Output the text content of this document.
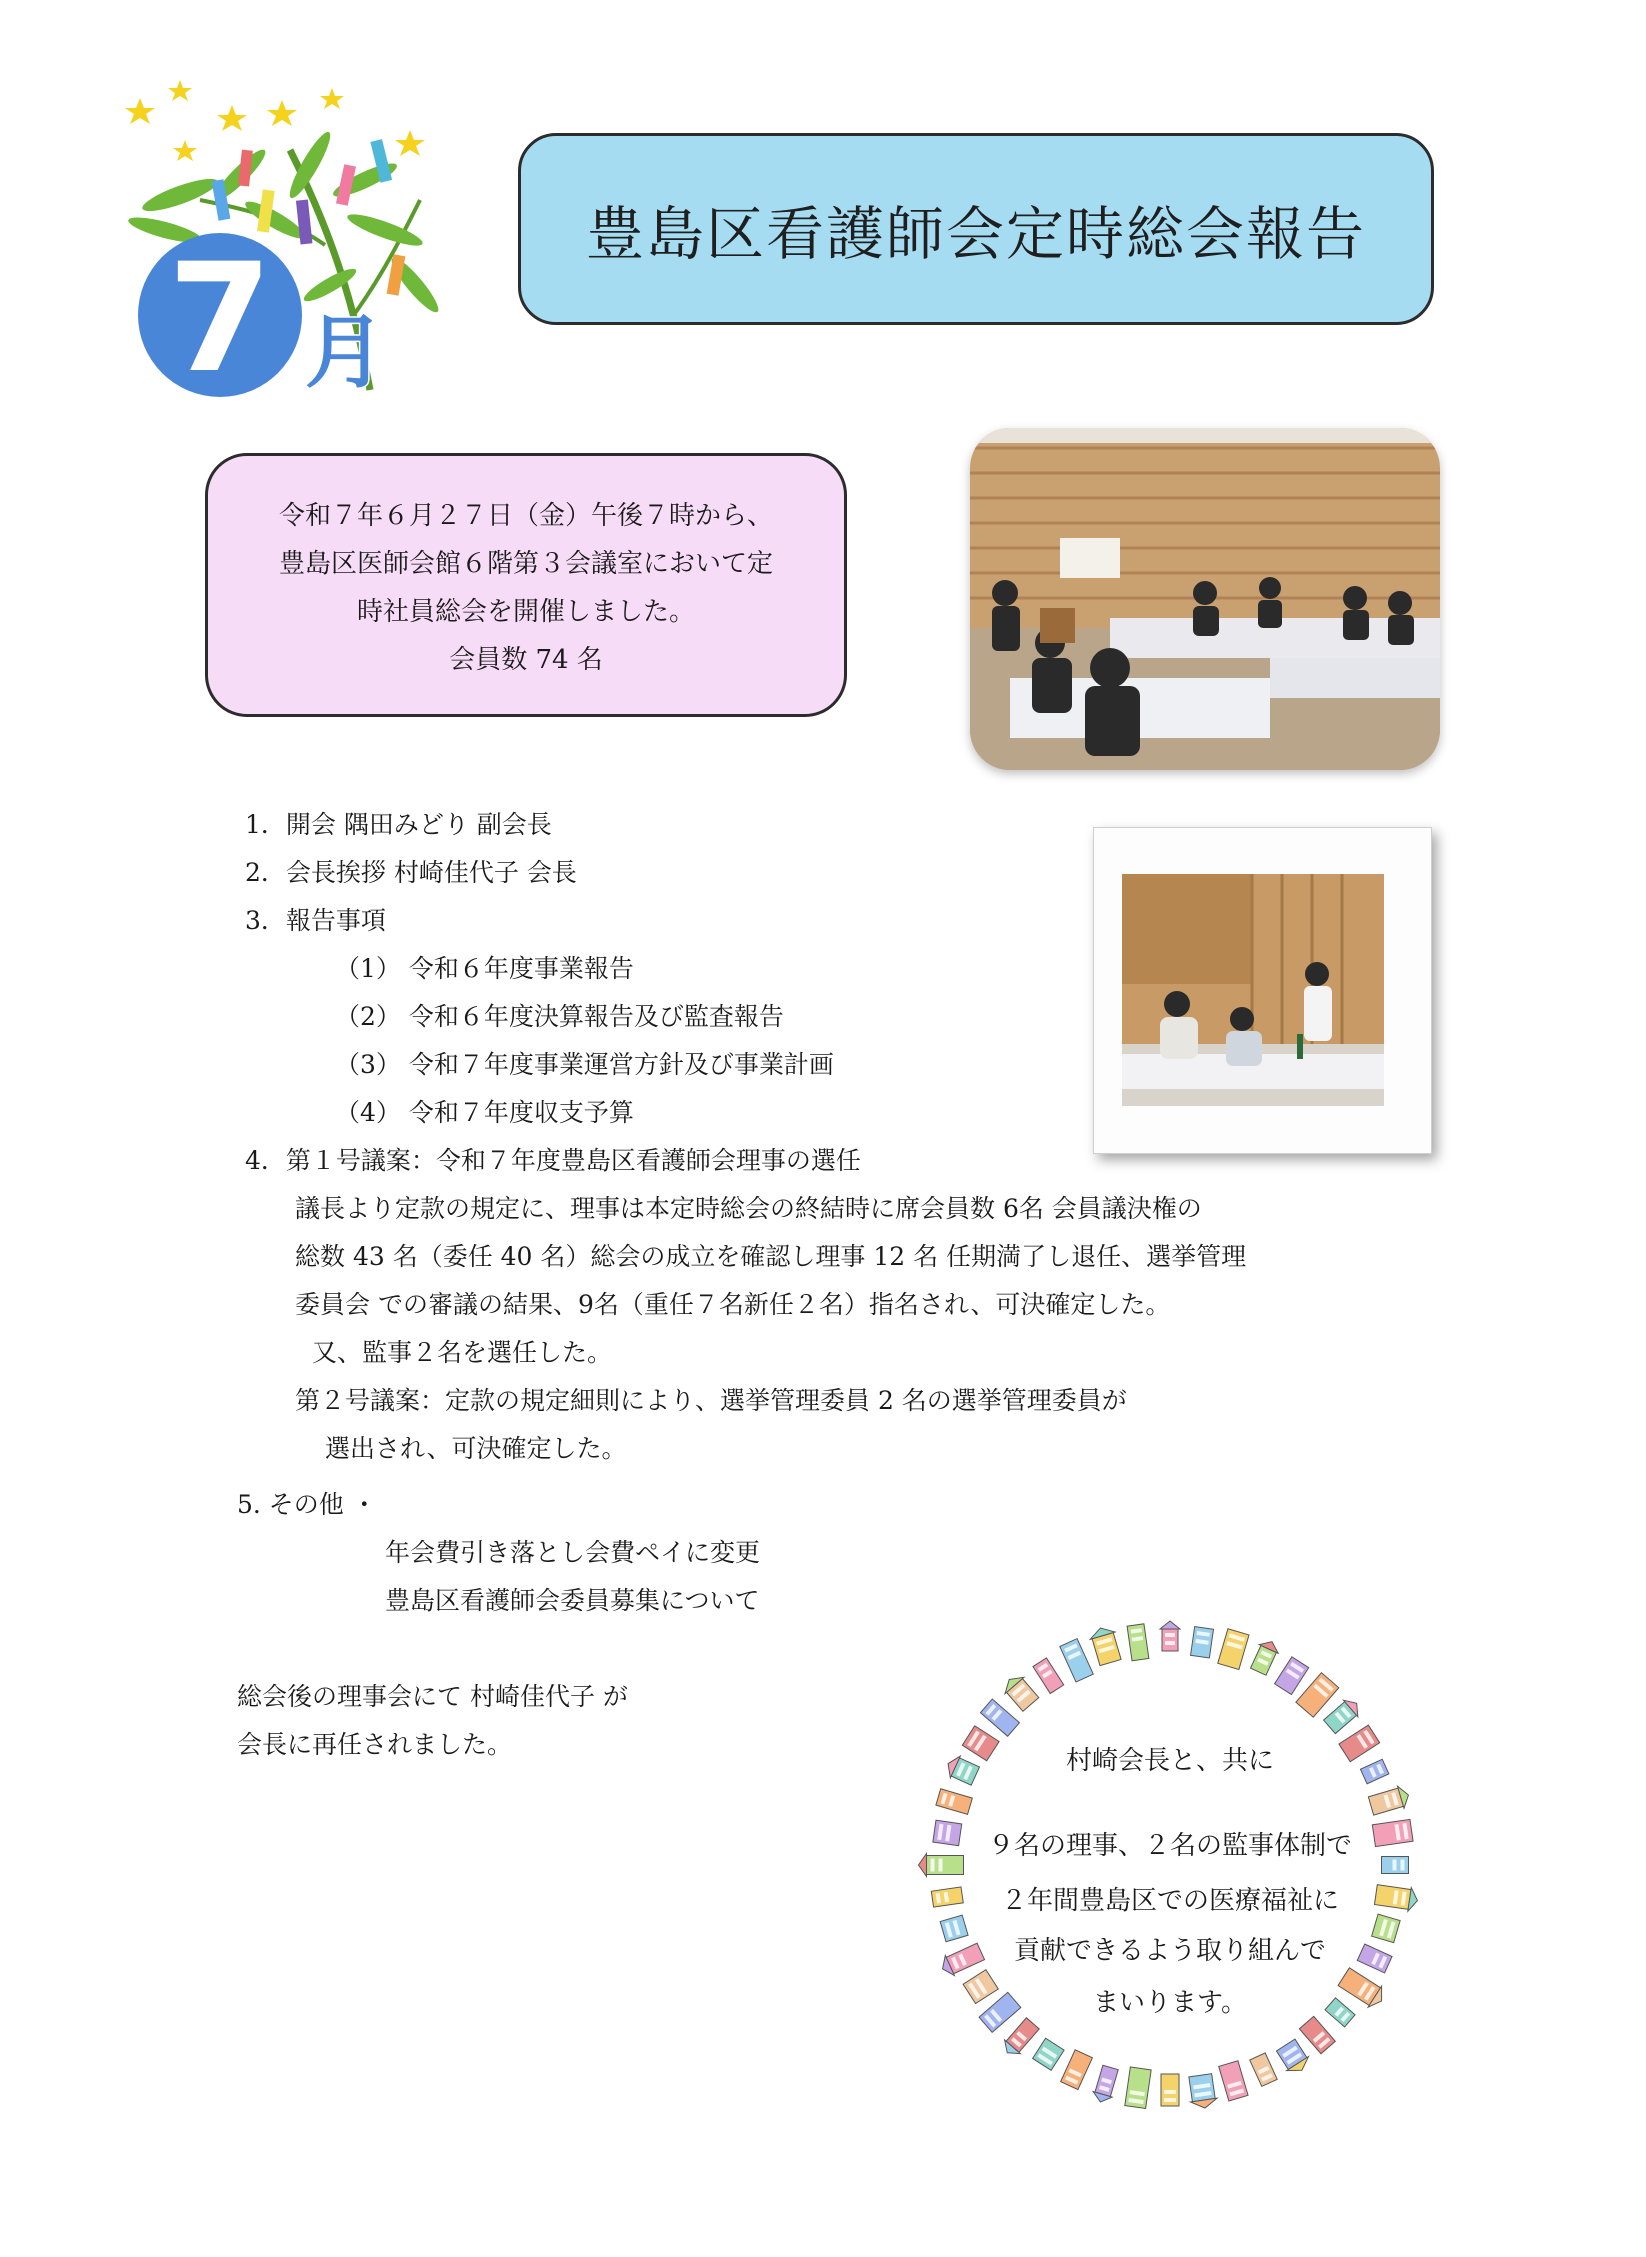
7 月
豊島区看護師会定時総会報告
令和７年６月２７日（金）午後７時から、
豊島区医師会館６階第３会議室において定
時社員総会を開催しました。
会員数 74 名
1．開会 隅田みどり 副会長
2．会長挨拶 村崎佳代子 会長
3．報告事項
（1） 令和６年度事業報告
（2） 令和６年度決算報告及び監査報告
（3） 令和７年度事業運営方針及び事業計画
（4） 令和７年度収支予算
4．第１号議案：令和７年度豊島区看護師会理事の選任
議長より定款の規定に、理事は本定時総会の終結時に席会員数 6名 会員議決権の
総数 43 名（委任 40 名）総会の成立を確認し理事 12 名 任期満了し退任、選挙管理
委員会 での審議の結果、9名（重任７名新任２名）指名され、可決確定した。
又、監事２名を選任した。
第２号議案：定款の規定細則により、選挙管理委員 2 名の選挙管理委員が
選出され、可決確定した。
5. その他 ・
年会費引き落とし会費ペイに変更
豊島区看護師会委員募集について
総会後の理事会にて 村崎佳代子 が
会長に再任されました。
村崎会長と、共に
９名の理事、２名の監事体制で
２年間豊島区での医療福祉に
貢献できるよう取り組んで
まいります。
